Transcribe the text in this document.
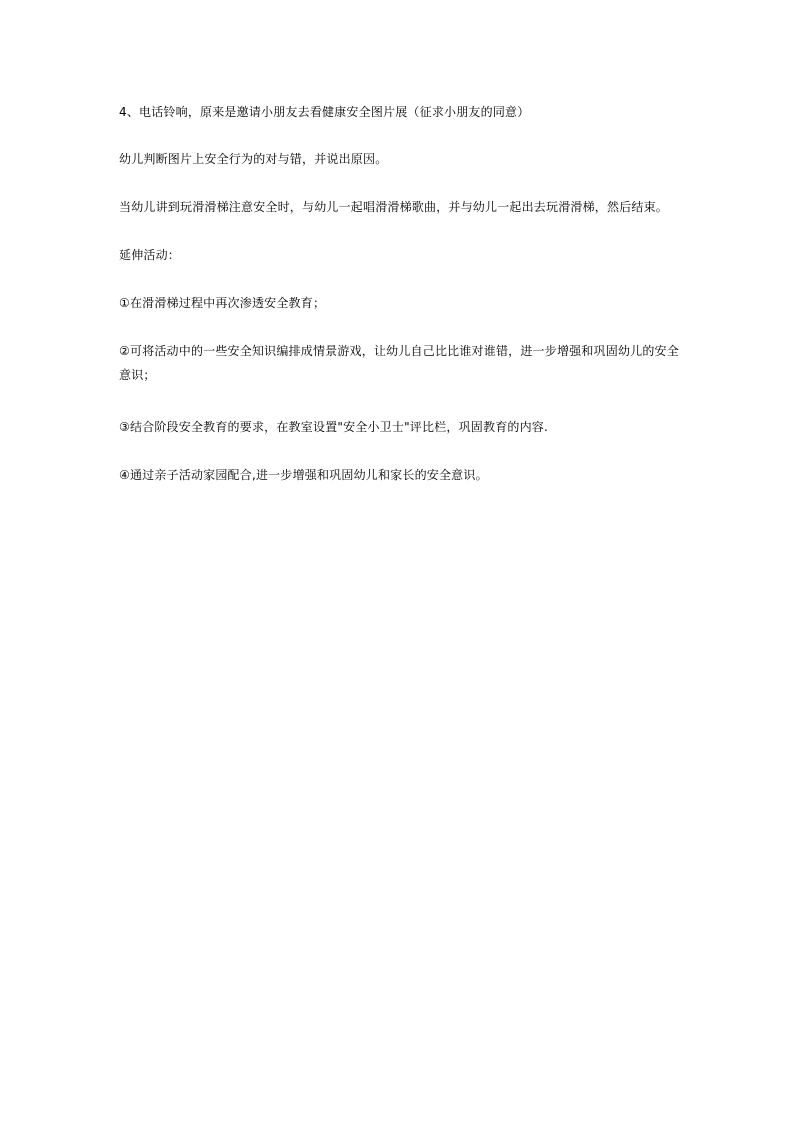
4、电话铃响，原来是邀请小朋友去看健康安全图片展（征求小朋友的同意）
幼儿判断图片上安全行为的对与错，并说出原因。
当幼儿讲到玩滑滑梯注意安全时，与幼儿一起唱滑滑梯歌曲，并与幼儿一起出去玩滑滑梯，然后结束。
延伸活动：
①在滑滑梯过程中再次渗透安全教育；
②可将活动中的一些安全知识编排成情景游戏，让幼儿自己比比谁对谁错，进一步增强和巩固幼儿的安全意识；
③结合阶段安全教育的要求，在教室设置"安全小卫士"评比栏，巩固教育的内容.
④通过亲子活动家园配合,进一步增强和巩固幼儿和家长的安全意识。
